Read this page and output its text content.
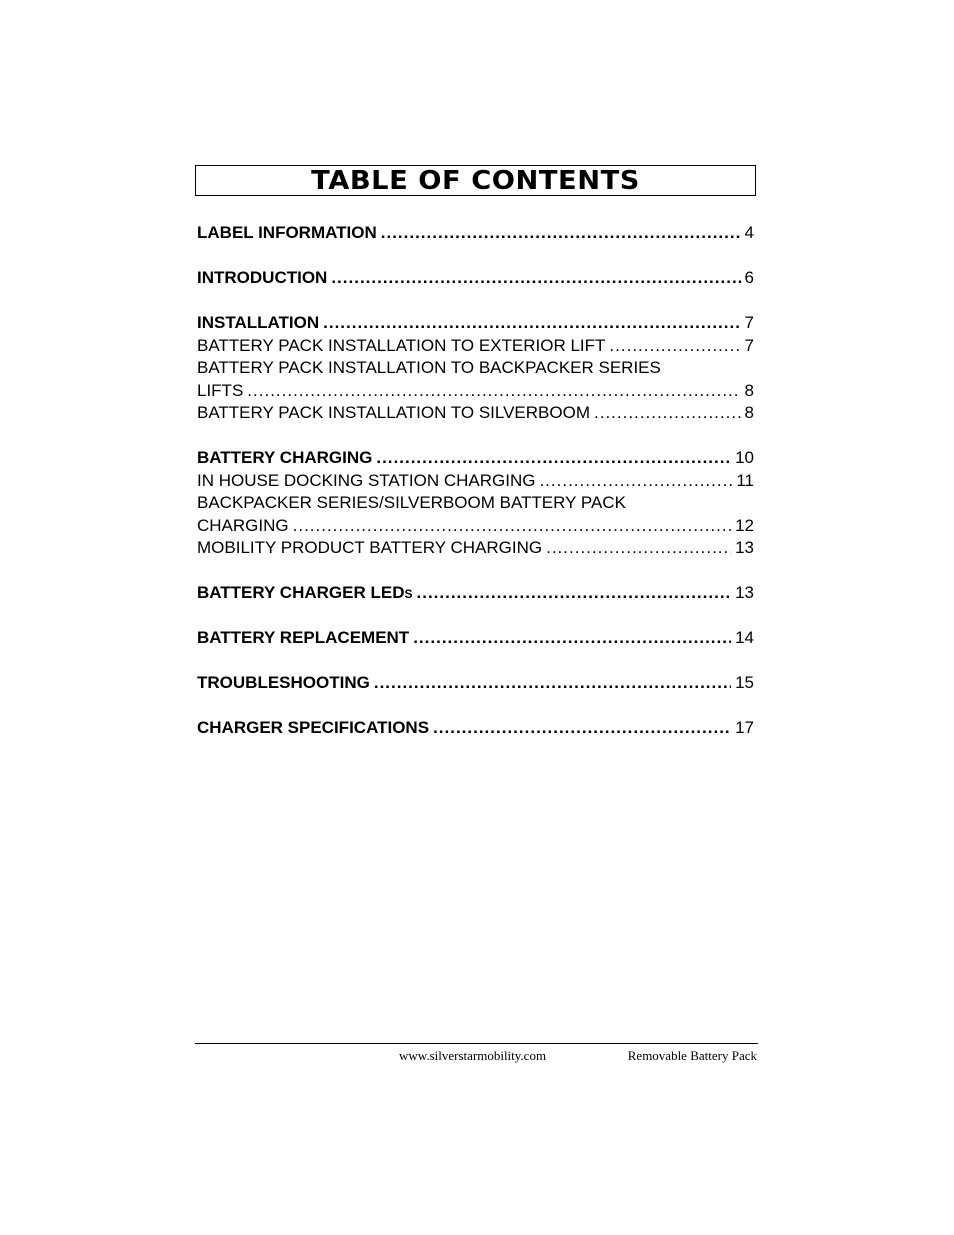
TABLE OF CONTENTS
LABEL INFORMATION .....	4
INTRODUCTION .....	6
INSTALLATION .....	7
BATTERY PACK INSTALLATION TO EXTERIOR LIFT .....	7
BATTERY PACK INSTALLATION TO BACKPACKER SERIES
LIFTS .....	8
BATTERY PACK INSTALLATION TO SILVERBOOM .....	8
BATTERY CHARGING .....	10
IN HOUSE DOCKING STATION CHARGING .....	11
BACKPACKER SERIES/SILVERBOOM BATTERY PACK
CHARGING .....	12
MOBILITY PRODUCT BATTERY CHARGING .....	13
BATTERY CHARGER LEDS .....	13
BATTERY REPLACEMENT .....	14
TROUBLESHOOTING .....	15
CHARGER SPECIFICATIONS .....	17
www.silverstarmobility.com	Removable Battery Pack
